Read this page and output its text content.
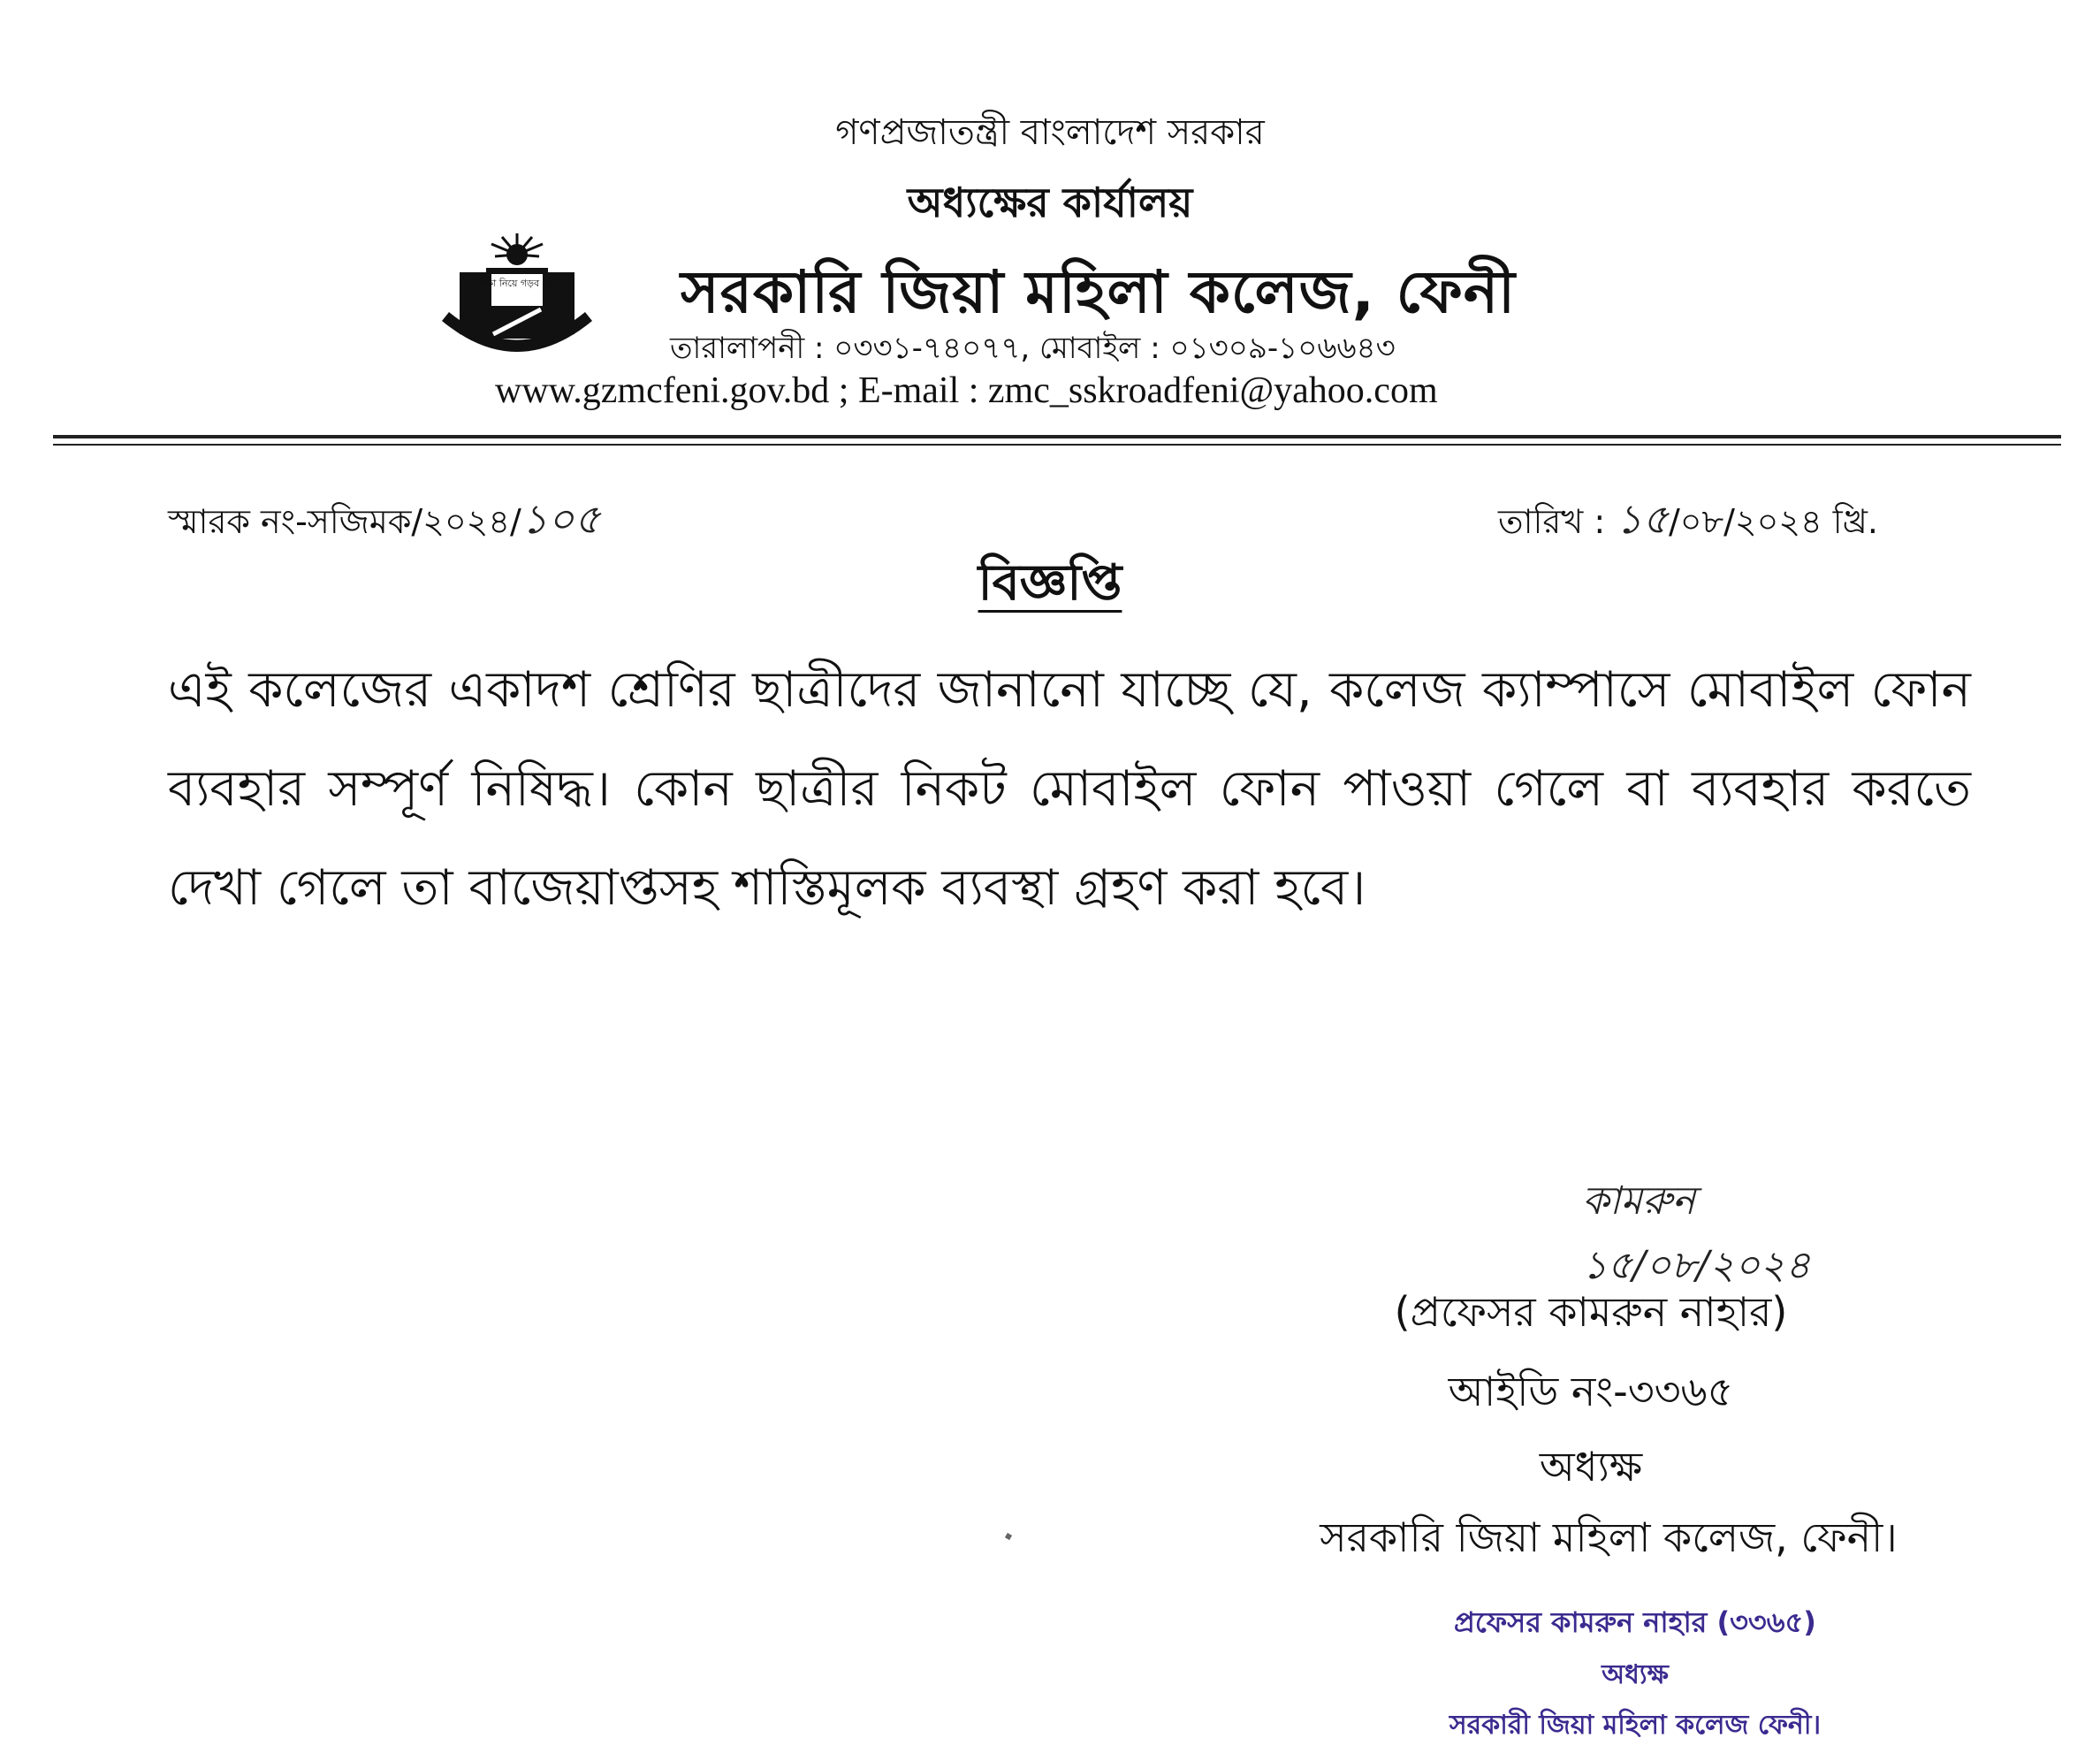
গণপ্রজাতন্ত্রী বাংলাদেশ সরকার
অধ্যক্ষের কার্যালয়
শিক্ষা নিয়ে গড়ব দেশ
সরকারি জিয়া মহিলা কলেজ ফেনী
সরকারি জিয়া মহিলা কলেজ, ফেনী
তারালাপনী : ০৩৩১-৭৪০৭৭, মোবাইল : ০১৩০৯-১০৬৬৪৩
www.gzmcfeni.gov.bd ; E-mail : zmc_sskroadfeni@yahoo.com
স্মারক নং-সজিমক/২০২৪/১০৫	তারিখ : ১৫/০৮/২০২৪ খ্রি.
বিজ্ঞপ্তি
এই কলেজের একাদশ শ্রেণির ছাত্রীদের জানানো যাচ্ছে যে, কলেজ ক্যাম্পাসে মোবাইল ফোন ব্যবহার সম্পূর্ণ নিষিদ্ধ। কোন ছাত্রীর নিকট মোবাইল ফোন পাওয়া গেলে বা ব্যবহার করতে দেখা গেলে তা বাজেয়াপ্তসহ শাস্তিমূলক ব্যবস্থা গ্রহণ করা হবে।
কামরুন
১৫/০৮/২০২৪
(প্রফেসর কামরুন নাহার)
আইডি নং-৩৩৬৫
অধ্যক্ষ
সরকারি জিয়া মহিলা কলেজ, ফেনী।
প্রফেসর কামরুন নাহার (৩৩৬৫)
অধ্যক্ষ
সরকারী জিয়া মহিলা কলেজ ফেনী।
